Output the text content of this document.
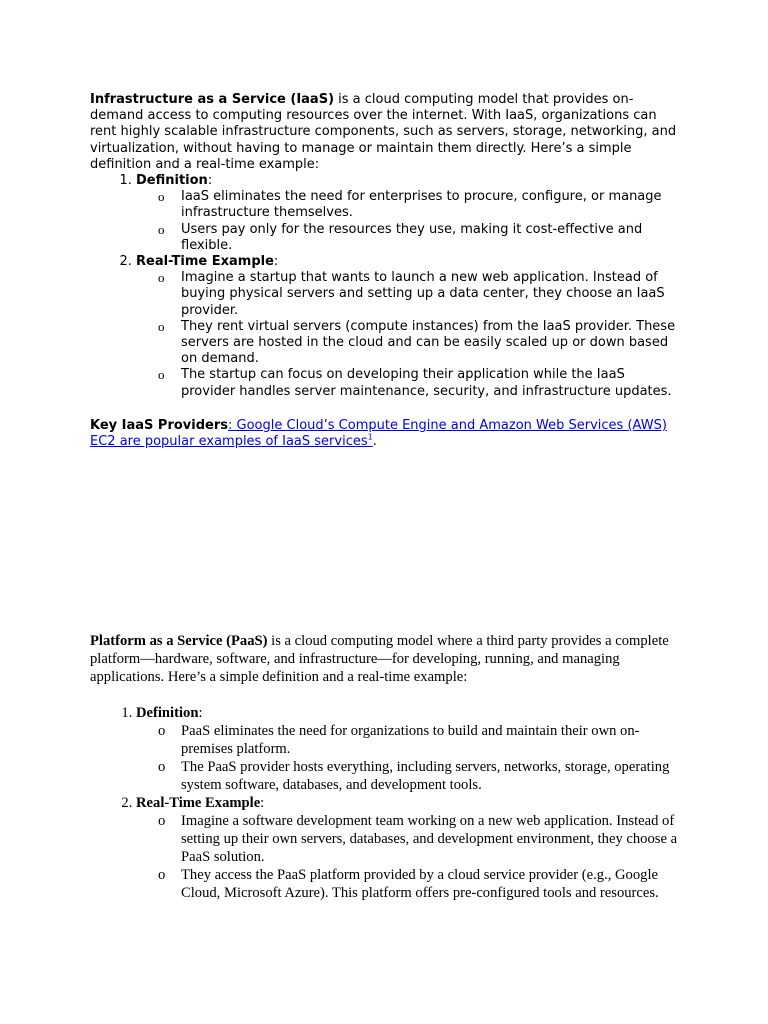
Infrastructure as a Service (IaaS) is a cloud computing model that provides on-demand access to computing resources over the internet. With IaaS, organizations can rent highly scalable infrastructure components, such as servers, storage, networking, and virtualization, without having to manage or maintain them directly. Here’s a simple definition and a real-time example:

1. Definition:
o IaaS eliminates the need for enterprises to procure, configure, or manage infrastructure themselves.
o Users pay only for the resources they use, making it cost-effective and flexible.
2. Real-Time Example:
o Imagine a startup that wants to launch a new web application. Instead of buying physical servers and setting up a data center, they choose an IaaS provider.
o They rent virtual servers (compute instances) from the IaaS provider. These servers are hosted in the cloud and can be easily scaled up or down based on demand.
o The startup can focus on developing their application while the IaaS provider handles server maintenance, security, and infrastructure updates.

Key IaaS Providers: Google Cloud’s Compute Engine and Amazon Web Services (AWS) EC2 are popular examples of IaaS services$^1$.

Platform as a Service (PaaS) is a cloud computing model where a third party provides a complete platform—hardware, software, and infrastructure—for developing, running, and managing applications. Here’s a simple definition and a real-time example:

1. Definition:
o PaaS eliminates the need for organizations to build and maintain their own on-premises platform.
o The PaaS provider hosts everything, including servers, networks, storage, operating system software, databases, and development tools.
2. Real-Time Example:
o Imagine a software development team working on a new web application. Instead of setting up their own servers, databases, and development environment, they choose a PaaS solution.
o They access the PaaS platform provided by a cloud service provider (e.g., Google Cloud, Microsoft Azure). This platform offers pre-configured tools and resources.
